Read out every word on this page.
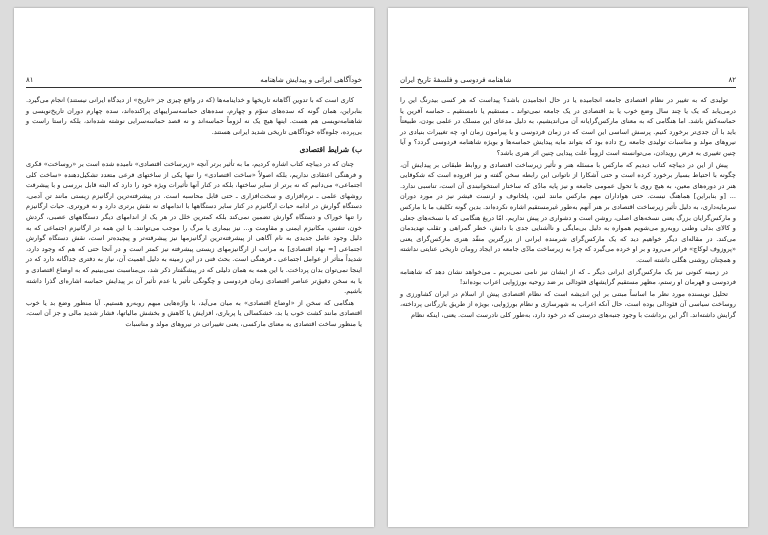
خودآگاهی ایرانی و پیدایش شاهنامه
۸۱

کاری است که با تدوین آگاهانه تاریخها و خداینامه‌ها (که در واقع چیزی جز «تاریخ» از دیدگاه ایرانی نیستند) انجام می‌گیرد. بنابراین، همان گونه که سده‌های سوّم و چهارم، سده‌های حماسه‌سراییهای پراکنده‌اند، سده چهارم دوران تاریخ‌نویسی و شاهنامه‌نویسی هم هست. اینها هیچ یک نه لزوماً حماسه‌اند و نه قصد حماسه‌سرایی نوشته شده‌اند، بلکه راستا راست و بی‌پرده، جلوه‌گاه خودآگاهی تاریخی شدید ایرانی هستند.

ب) شرایط اقتصادی

چنان که در دیباچه کتاب اشاره کردیم، ما به تأثیر برتر آنچه «زیرساخت اقتصادی» نامیده شده است بر «روساخت» فکری و فرهنگی اعتقادی نداریم، بلکه اصولاً «ساخت اقتصادی» را تنها یکی از ساختهای فرعی متعدد تشکیل‌دهنده «ساخت کلی اجتماعی» می‌دانیم که نه برتر از سایر ساختها، بلکه در کنار آنها تأثیرات ویژه خود را دارد که البته قابل بررسی و با پیشرفت روشهای علمی ـ نرم‌افزاری و سخت‌افزاری ـ حتی قابل محاسبه است. در پیشرفته‌ترین ارگانیزم زیستی مانند تن آدمی، دستگاه گوارش در ادامه حیات ارگانیزم در کنار سایر دستگاهها با اندامهای نه نقش برتری دارد و نه فروتری. حیات ارگانیزم را تنها خوراک و دستگاه گوارش تضمین نمی‌کند بلکه کمترین خلل در هر یک از اندامهای دیگر دستگاههای عصبی، گردش خون، تنفس، مکانیزم ایمنی و مقاومت و... نیز بیماری یا مرگ را موجب می‌توانند. با این همه در ارگانیزم اجتماعی که به دلیل وجود عامل جدیدی به نام آگاهی از پیشرفته‌ترین ارگانیزمها نیز پیشرفته‌تر و پیچیده‌تر است، نقش دستگاه گوارش اجتماعی [= نهاد اقتصادی] به مراتب از ارگانیزمهای زیستی پیشرفته نیز کمتر است و در آنجا حتی که هم که وجود دارد، شدیداً متأثر از عوامل اجتماعی ـ فرهنگی است. بحث فنی در این زمینه به دلیل اهمیت آن، نیاز به دفتری جداگانه دارد که در اینجا نمی‌توان بدان پرداخت. با این همه به همان دلیلی که در پیشگفتار ذکر شد، بی‌مناسبت نمی‌بینیم که به اوضاع اقتصادی و یا به سخن دقیق‌تر عناصر اقتصادی زمان فردوسی و چگونگی تأثیر یا عدم تأثیر آن بر پیدایش حماسه اشاره‌ای گذرا داشته باشیم.

هنگامی که سخن از «اوضاع اقتصادی» به میان می‌آید، با واژه‌هایی مبهم روبه‌رو هستیم. آیا منظور وضع بد یا خوب اقتصادی مانند کشت خوب یا بد، خشکسالی یا پرباری، افزایش یا کاهش و بخشش مالیاتها، فشار شدید مالی و جز آن است، یا منظور ساخت اقتصادی به معنای مارکسی، یعنی تغییراتی در نیروهای مولد و مناسبات

۸۲
شاهنامه فردوسی و فلسفهٔ تاریخ ایران

تولیدی که به تغییر در نظام اقتصادی جامعه انجامیده یا در حال انجامیدن باشد؟ پیداست که هر کسی بیدرنگ این را درمی‌یابد که یک یا چند سال وضع خوب یا بد اقتصادی در یک جامعه نمی‌تواند ـ مستقیم یا نامستقیم ـ حماسه آفرین یا حماسه‌کش باشد. اما هنگامی که به معنای مارکس‌گرایانه آن می‌اندیشیم، به دلیل مدعای این مسلک در علمی بودن، طبیعتاً باید با آن جدی‌تر برخورد کنیم. پرسش اساسی این است که در زمان فردوسی و یا پیرامون زمان او، چه تغییرات بنیادی در نیروهای مولد و مناسبات تولیدی جامعه رخ داده بود که بتواند مایه پیدایش حماسه‌ها و بویژه شاهنامه فردوسی گردد؟ و آیا چنین تغییری به فرض رویدادن، می‌توانسته است لزوماً علت پیدایی چنین اثر هنری باشد؟

پیش از این در دیباچه کتاب دیدیم که مارکس با مسئله هنر و تأثیر زیرساخت اقتصادی و روابط طبقاتی بر پیدایش آن، چگونه با احتیاط بسیار برخورد کرده است و حتی آشکارا از ناتوانی این رابطه سخن گفته و نیز افزوده است که شکوفایی هنر در دوره‌های معین، به هیچ روی با تحول عمومی جامعه و نیز پایه مادّی که ساختار استخوانبندی آن است، تناسبی ندارد. ... [و بنابراین] هماهنگ نیست. حتی هواداران مهم مارکس مانند لنین، پلخانوف و ارنست فیشر نیز در مورد دوران سرمایه‌داری، به دلیل تأثیر زیرساخت اقتصادی بر هنر آنهم به‌طور غیرمستقیم اشاره نکرده‌اند. بدین گونه تکلیف ما با مارکس و مارکس‌گرایان بزرگ یعنی نسخه‌های اصلی، روشن است و دشواری در پیش نداریم. امّا دریغ هنگامی که با نسخه‌های جعلی و کالای بدلی وطنی روبه‌رو می‌شویم همواره به دلیل بی‌مایگی و ناآشنایی جدی با دانش، خطر گمراهی و تقلب تهدیدمان می‌کند. در مقاله‌ای دیگر خواهیم دید که یک مارکس‌گرای شرمنده ایرانی از بزرگترین منقّد هنری مارکس‌گرای یعنی «پروزوف لوکاچ» فراتر می‌رود و بر او خرده می‌گیرد که چرا به زیرساخت مادّی جامعه در ایجاد رومان تاریخی عنایتی نداشته و همچنان روشنی هگلی داشته است.

در زمینه کنونی نیز یک مارکس‌گرای ایرانی دیگر ـ که از ایشان نیز نامی نمی‌بریم ـ می‌خواهد نشان دهد که شاهنامه فردوسی و قهرمان او رستم، مظهر مستقیم گرایشهای فئودالی بر ضد روحیه بورژوایی اعراب بوده‌اند!

تحلیل نویسنده مورد نظر ما اساساً مبتنی بر این اندیشه است که نظام اقتصادی پیش از اسلام در ایران کشاورزی و روساخت سیاسی آن فئودالی بوده است، حال آنکه اعراب به شهرسازی و نظام بورژوایی، بویژه از طریق بازرگانی پرداخته، گرایش داشته‌اند. اگر این برداشت با وجود جنبه‌های درستی که در خود دارد، به‌طور کلی نادرست است. یعنی، اینکه نظام
